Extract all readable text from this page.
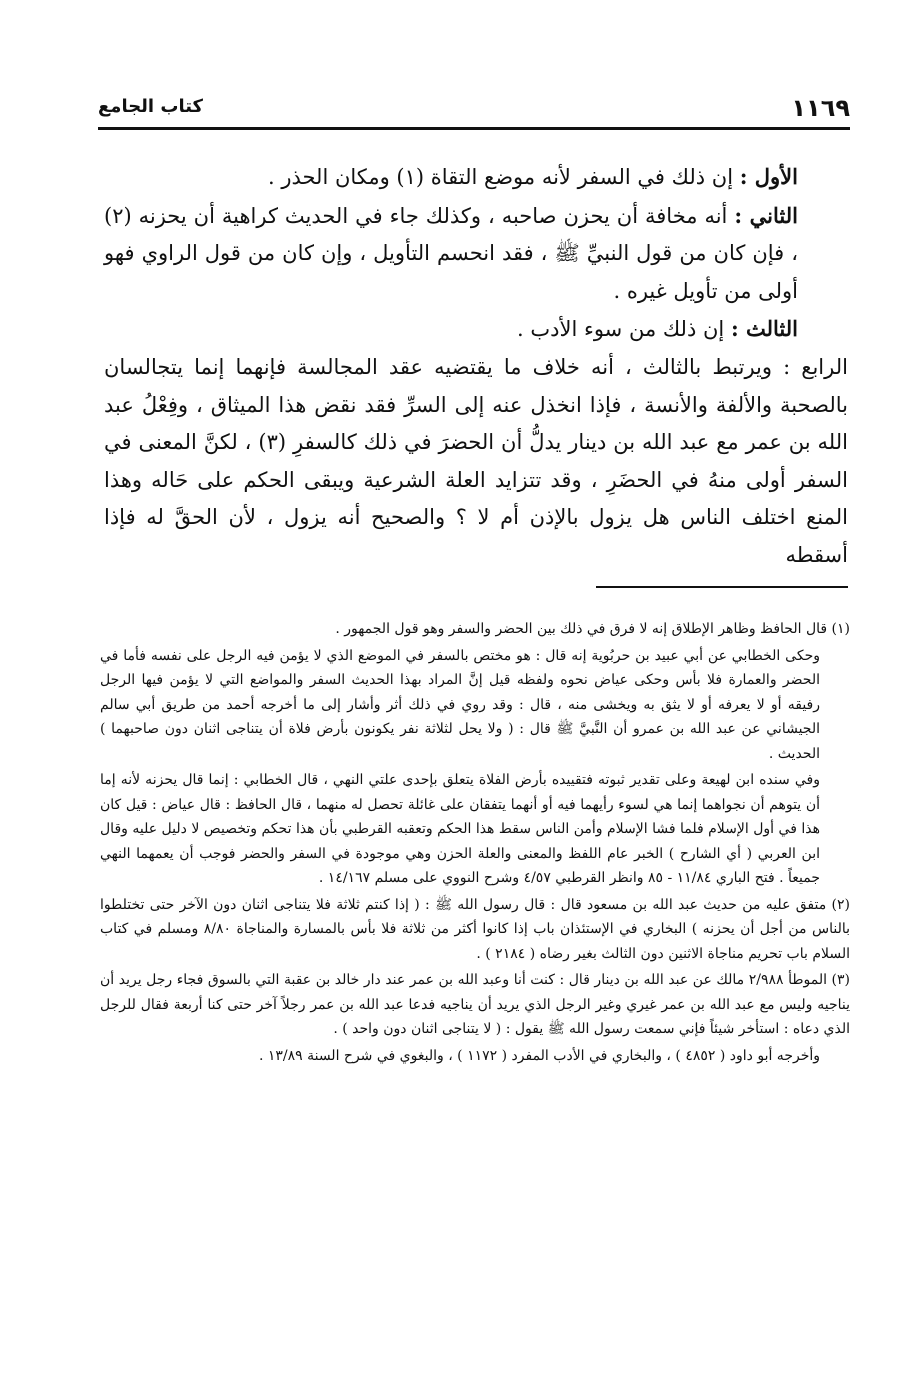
١١٦٩
كتاب الجامع

الأول : إن ذلك في السفر لأنه موضع التقاة (١) ومكان الحذر .

الثاني : أنه مخافة أن يحزن صاحبه ، وكذلك جاء في الحديث كراهية أن يحزنه (٢) ، فإن كان من قول النبيِّ ﷺ ، فقد انحسم التأويل ، وإن كان من قول الراوي فهو أولى من تأويل غيره .

الثالث : إن ذلك من سوء الأدب .

الرابع : ويرتبط بالثالث ، أنه خلاف ما يقتضيه عقد المجالسة فإنهما إنما يتجالسان بالصحبة والألفة والأنسة ، فإذا انخذل عنه إلى السرِّ فقد نقض هذا الميثاق ، وفِعْلُ عبد الله بن عمر مع عبد الله بن دينار يدلُّ أن الحضرَ في ذلك كالسفرِ (٣) ، لكنَّ المعنى في السفر أولى منهُ في الحضَرِ ، وقد تتزايد العلة الشرعية ويبقى الحكم على حَاله وهذا المنع اختلف الناس هل يزول بالإذن أم لا ؟ والصحيح أنه يزول ، لأن الحقَّ له فإذا أسقطه

(١) قال الحافظ وظاهر الإطلاق إنه لا فرق في ذلك بين الحضر والسفر وهو قول الجمهور .

وحكى الخطابي عن أبي عبيد بن حربُوية إنه قال : هو مختص بالسفر في الموضع الذي لا يؤمن فيه الرجل على نفسه فأما في الحضر والعمارة فلا بأس وحكى عياض نحوه ولفظه قيل إنَّ المراد بهذا الحديث السفر والمواضع التي لا يؤمن فيها الرجل رفيقه أو لا يعرفه أو لا يثق به ويخشى منه ، قال : وقد روي في ذلك أثر وأشار إلى ما أخرجه أحمد من طريق أبي سالم الجيشاني عن عبد الله بن عمرو أن النَّبيَّ ﷺ قال : ( ولا يحل لثلاثة نفر يكونون بأرض فلاة أن يتناجى اثنان دون صاحبهما ) الحديث .

وفي سنده ابن لهيعة وعلى تقدير ثبوته فتقييده بأرض الفلاة يتعلق بإحدى علتي النهي ، قال الخطابي : إنما قال يحزنه لأنه إما أن يتوهم أن نجواهما إنما هي لسوء رأيهما فيه أو أنهما يتفقان على غائلة تحصل له منهما ، قال الحافظ : قال عياض : قيل كان هذا في أول الإسلام فلما فشا الإسلام وأمن الناس سقط هذا الحكم وتعقبه القرطبي بأن هذا تحكم وتخصيص لا دليل عليه وقال ابن العربي ( أي الشارح ) الخبر عام اللفظ والمعنى والعلة الحزن وهي موجودة في السفر والحضر فوجب أن يعمهما النهي جميعاً . فتح الباري ١١/٨٤ - ٨٥ وانظر القرطبي ٤/٥٧ وشرح النووي على مسلم ١٤/١٦٧ .

(٢) متفق عليه من حديث عبد الله بن مسعود قال : قال رسول الله ﷺ : ( إذا كنتم ثلاثة فلا يتناجى اثنان دون الآخر حتى تختلطوا بالناس من أجل أن يحزنه ) البخاري في الإستئذان باب إذا كانوا أكثر من ثلاثة فلا بأس بالمسارة والمناجاة ٨/٨٠ ومسلم في كتاب السلام باب تحريم مناجاة الاثنين دون الثالث بغير رضاه ( ٢١٨٤ ) .

(٣) الموطأ ٢/٩٨٨ مالك عن عبد الله بن دينار قال : كنت أنا وعبد الله بن عمر عند دار خالد بن عقبة التي بالسوق فجاء رجل يريد أن يناجيه وليس مع عبد الله بن عمر غيري وغير الرجل الذي يريد أن يناجيه فدعا عبد الله بن عمر رجلاً آخر حتى كنا أربعة فقال للرجل الذي دعاه : استأخر شيئاً فإني سمعت رسول الله ﷺ يقول : ( لا يتناجى اثنان دون واحد ) .

وأخرجه أبو داود ( ٤٨٥٢ ) ، والبخاري في الأدب المفرد ( ١١٧٢ ) ، والبغوي في شرح السنة ١٣/٨٩ .
